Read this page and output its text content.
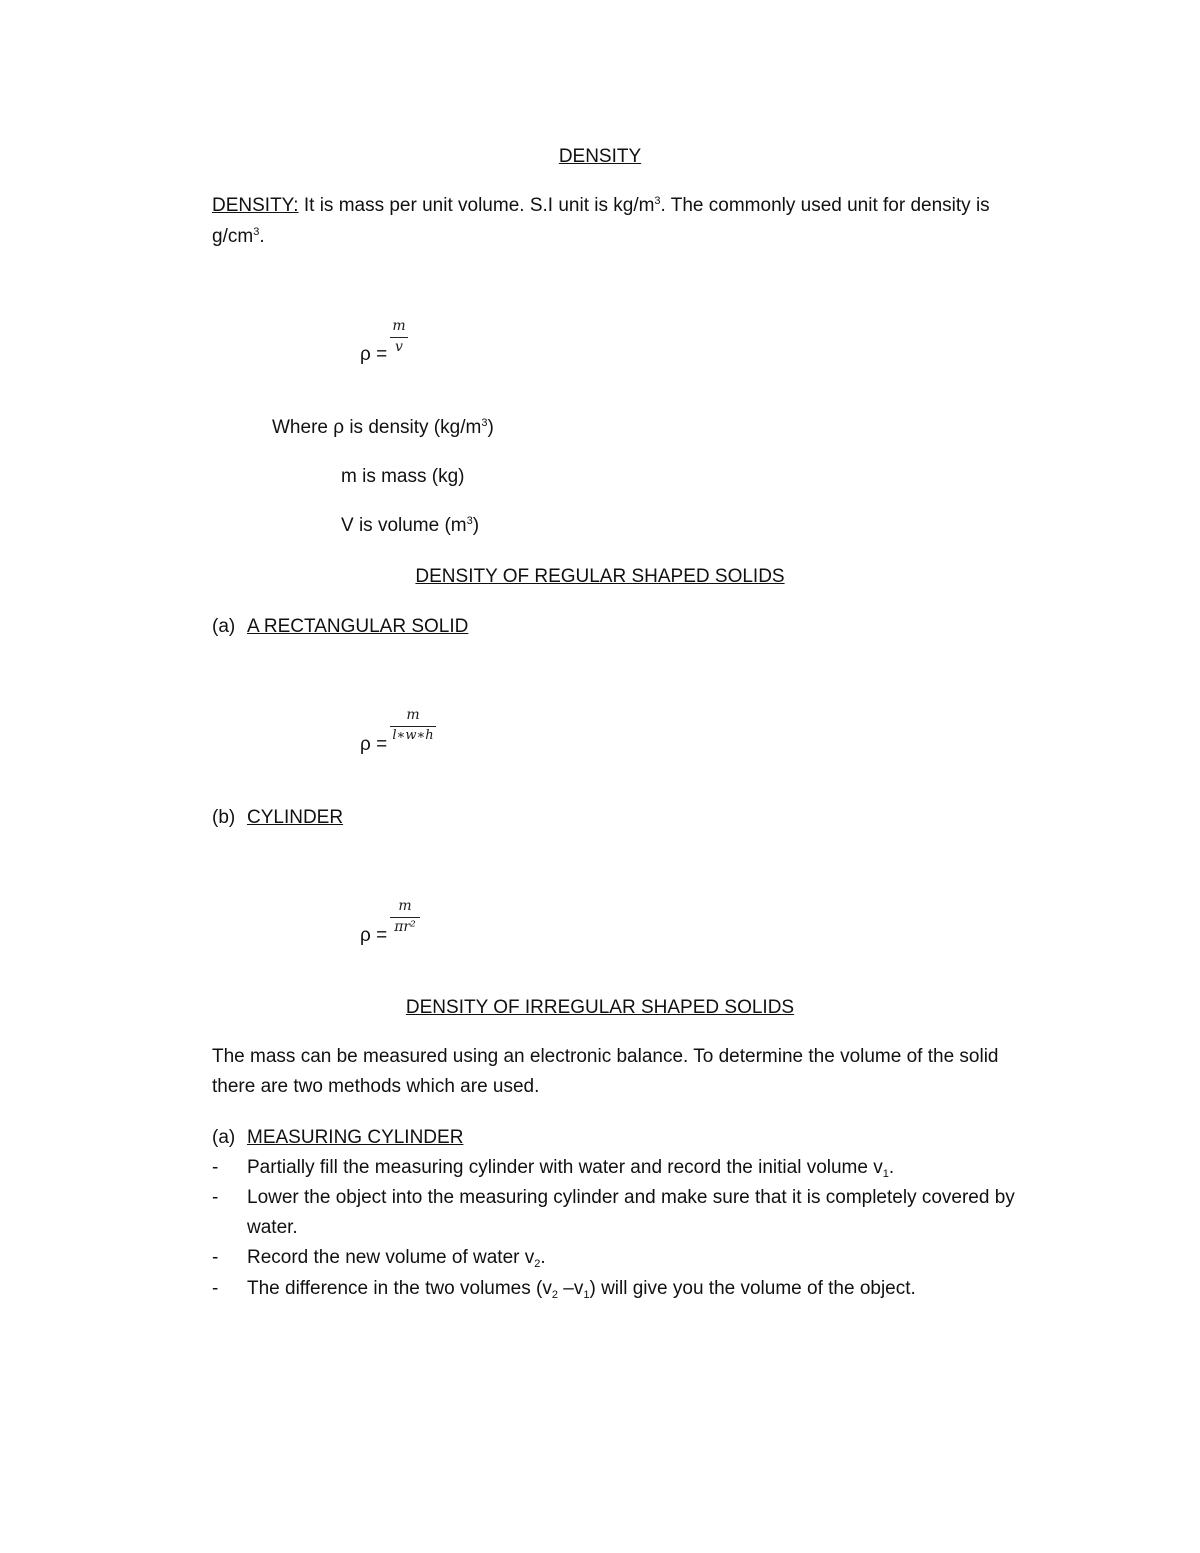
DENSITY
DENSITY: It is mass per unit volume. S.I unit is $kg/m^3$. The commonly used unit for density is
$g/cm^3$.
ρ =
m
v
Where ρ is density $(kg/m^3)$
m is mass (kg)
V is volume $(m^3)$
DENSITY OF REGULAR SHAPED SOLIDS
(a) A RECTANGULAR SOLID
ρ =
m
l∗w∗h
(b) CYLINDER
ρ =
m
πr²
DENSITY OF IRREGULAR SHAPED SOLIDS
The mass can be measured using an electronic balance. To determine the volume of the solid
there are two methods which are used.
(a) MEASURING CYLINDER
- Partially fill the measuring cylinder with water and record the initial volume $v_1$.
- Lower the object into the measuring cylinder and make sure that it is completely covered by
water.
- Record the new volume of water $v_2$.
- The difference in the two volumes ($v_2$ $-v_1$) will give you the volume of the object.
